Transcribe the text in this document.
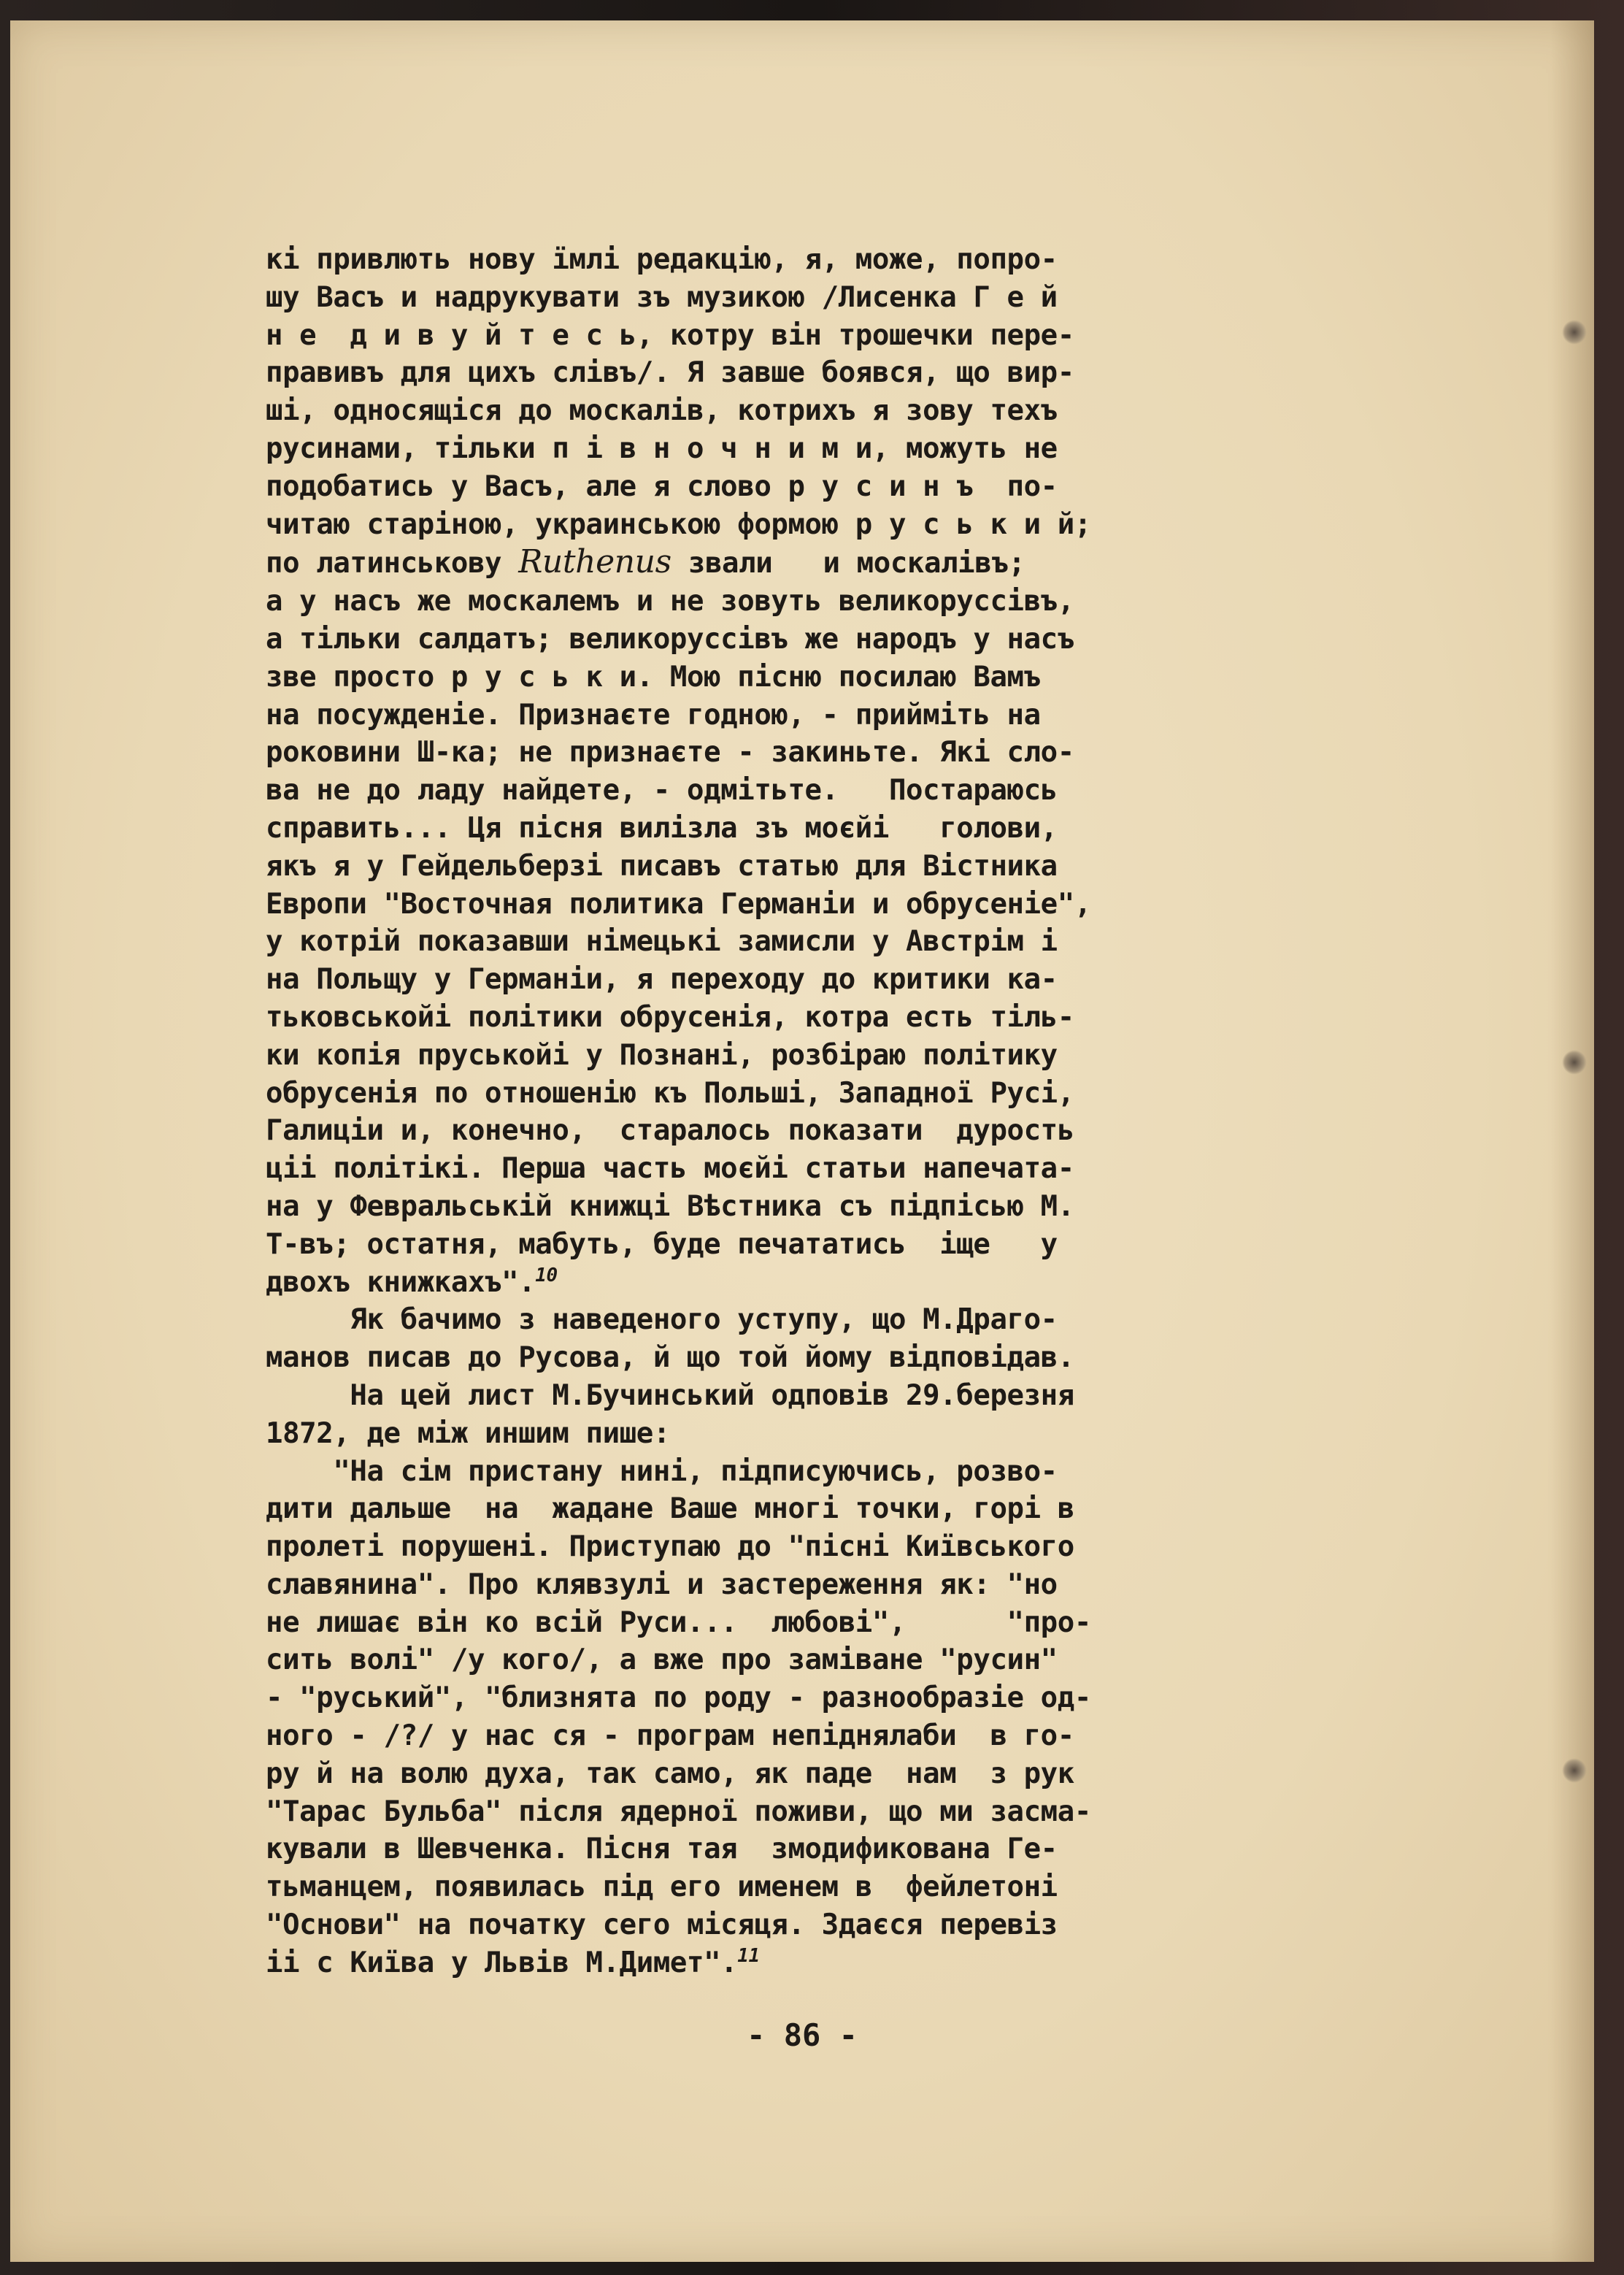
кі привлють нову їмлі редакцію, я, може, попро-
шу Васъ и надрукувати зъ музикою /Лисенка Г е й
н е  д и в у й т е с ь, котру він трошечки пере-
правивъ для цихъ слівъ/. Я завше боявся, що вир-
ші, односящіся до москалів, котрихъ я зову техъ
русинами, тільки п і в н о ч н и м и, можуть не
подобатись у Васъ, але я слово р у с и н ъ  по-
читаю старіною, украинською формою р у с ь к и й;
по латинськову Ruthenus звали   и москалівъ;
а у насъ же москалемъ и не зовуть великоруссівъ,
а тільки салдатъ; великоруссівъ же народъ у насъ
зве просто р у с ь к и. Мою пісню посилаю Вамъ
на посужденіе. Признаєте годною, - прийміть на
роковини Ш-ка; не признаєте - закиньте. Які сло-
ва не до ладу найдете, - одмітьте.   Постараюсь
справить... Ця пісня вилізла зъ моєйі   голови,
якъ я у Гейдельберзі писавъ статью для Вістника
Европи "Восточная политика Германіи и обрусеніе",
у котрій показавши німецькі замисли у Австрім і
на Польщу у Германіи, я переходу до критики ка-
тьковськойі політики обрусенія, котра есть тіль-
ки копія пруськойі у Познані, розбіраю політику
обрусенія по отношенію къ Польші, Западної Русі,
Галиціи и, конечно,  старалось показати  дурость
ціі політікі. Перша часть моєйі статьи напечата-
на у Февральській книжці Вѣстника съ підпісью М.
Т-въ; остатня, мабуть, буде печататись  іще   у
двохъ книжкахъ".$^{10}$
Як бачимо з наведеного уступу, що М.Драго-
манов писав до Русова, й що той йому відповідав.
На цей лист М.Бучинський одповів 29.березня
1872, де між иншим пише:
"На сім пристану нині, підписуючись, розво-
дити дальше  на  жадане Ваше многі точки, горі в
пролеті порушені. Приступаю до "пісні Київського
славянина". Про клявзулі и застереження як: "но
не лишає він ко всій Руси...  любові",      "про-
сить волі" /у кого/, а вже про заміване "русин"
- "руський", "близнята по роду - разнообразіе од-
ного - /?/ у нас ся - програм непіднялаби  в го-
ру й на волю духа, так само, як паде  нам  з рук
"Тарас Бульба" після ядерної поживи, що ми засма-
кували в Шевченка. Пісня тая  змодификована Ге-
тьманцем, появилась під его именем в  фейлетоні
"Основи" на початку сего місяця. Здаєся перевіз
іі с Київа у Львів М.Димет".$^{11}$
- 86 -
